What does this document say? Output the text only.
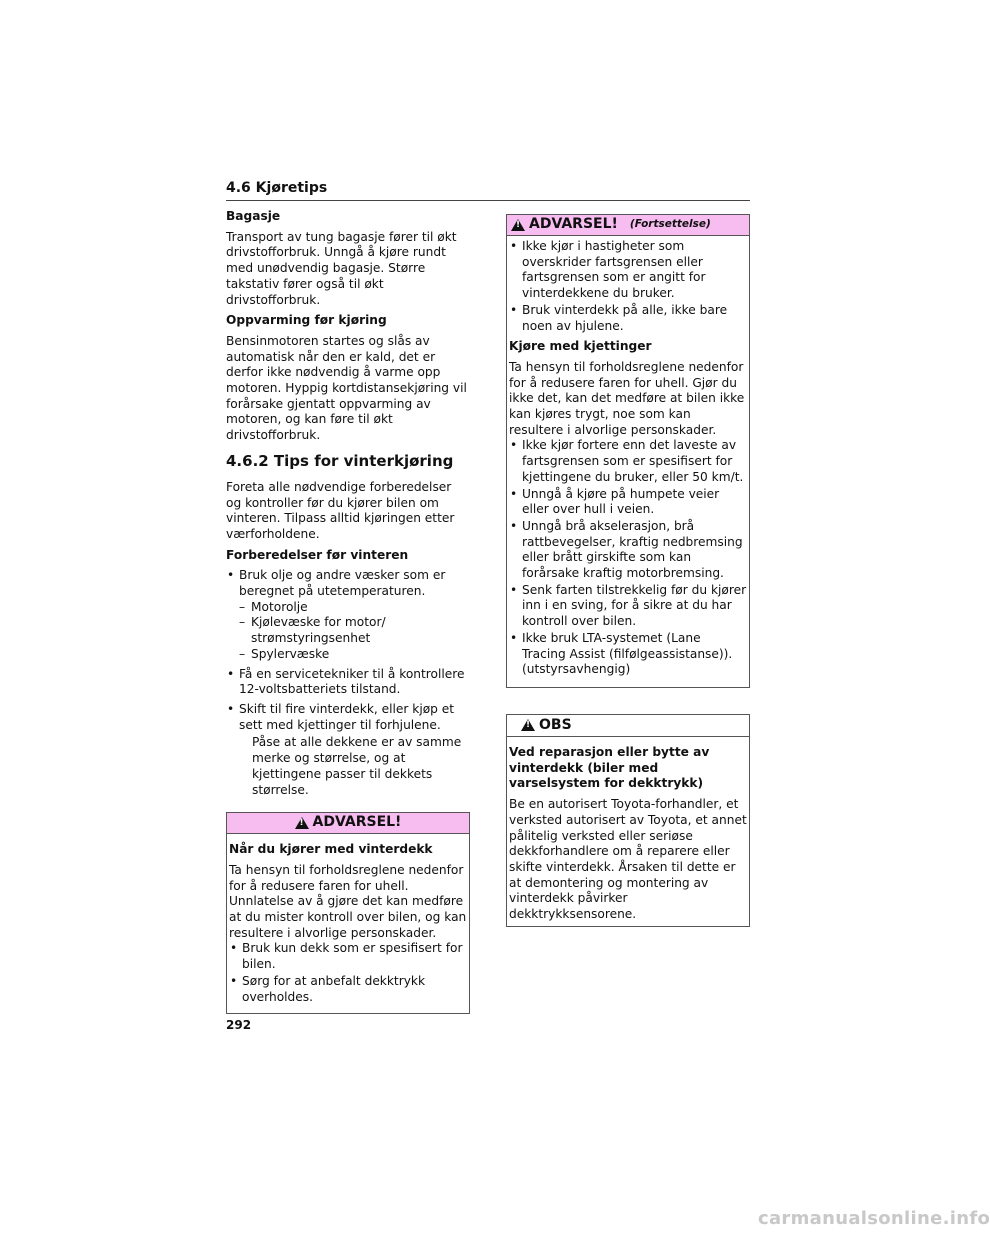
4.6 Kjøretips

Bagasje

Transport av tung bagasje fører til økt drivstofforbruk. Unngå å kjøre rundt med unødvendig bagasje. Større takstativ fører også til økt drivstofforbruk.

Oppvarming før kjøring

Bensinmotoren startes og slås av automatisk når den er kald, det er derfor ikke nødvendig å varme opp motoren. Hyppig kortdistansekjøring vil forårsake gjentatt oppvarming av motoren, og kan føre til økt drivstofforbruk.

4.6.2 Tips for vinterkjøring

Foreta alle nødvendige forberedelser og kontroller før du kjører bilen om vinteren. Tilpass alltid kjøringen etter værforholdene.

Forberedelser før vinteren

• Bruk olje og andre væsker som er beregnet på utetemperaturen.
– Motorolje
– Kjølevæske for motor/ strømstyringsenhet
– Spylervæske
• Få en servicetekniker til å kontrollere 12-voltsbatteriets tilstand.
• Skift til fire vinterdekk, eller kjøp et sett med kjettinger til forhjulene.
Påse at alle dekkene er av samme merke og størrelse, og at kjettingene passer til dekkets størrelse.
! ADVARSEL!

Når du kjører med vinterdekk

Ta hensyn til forholdsreglene nedenfor for å redusere faren for uhell. Unnlatelse av å gjøre det kan medføre at du mister kontroll over bilen, og kan resultere i alvorlige personskader.
• Bruk kun dekk som er spesifisert for bilen.
• Sørg for at anbefalt dekktrykk overholdes.
! ADVARSEL! (Fortsettelse)
• Ikke kjør i hastigheter som overskrider fartsgrensen eller fartsgrensen som er angitt for vinterdekkene du bruker.
• Bruk vinterdekk på alle, ikke bare noen av hjulene.

Kjøre med kjettinger

Ta hensyn til forholdsreglene nedenfor for å redusere faren for uhell. Gjør du ikke det, kan det medføre at bilen ikke kan kjøres trygt, noe som kan resultere i alvorlige personskader.
• Ikke kjør fortere enn det laveste av fartsgrensen som er spesifisert for kjettingene du bruker, eller 50 km/t.
• Unngå å kjøre på humpete veier eller over hull i veien.
• Unngå brå akselerasjon, brå rattbevegelser, kraftig nedbremsing eller brått girskifte som kan forårsake kraftig motorbremsing.
• Senk farten tilstrekkelig før du kjører inn i en sving, for å sikre at du har kontroll over bilen.
• Ikke bruk LTA-systemet (Lane Tracing Assist (filfølgeassistanse)). (utstyrsavhengig)
! OBS

Ved reparasjon eller bytte av vinterdekk (biler med varselsystem for dekktrykk)

Be en autorisert Toyota-forhandler, et verksted autorisert av Toyota, et annet pålitelig verksted eller seriøse dekkforhandlere om å reparere eller skifte vinterdekk. Årsaken til dette er at demontering og montering av vinterdekk påvirker dekktrykksensorene.
292
carmanualsonline.info
